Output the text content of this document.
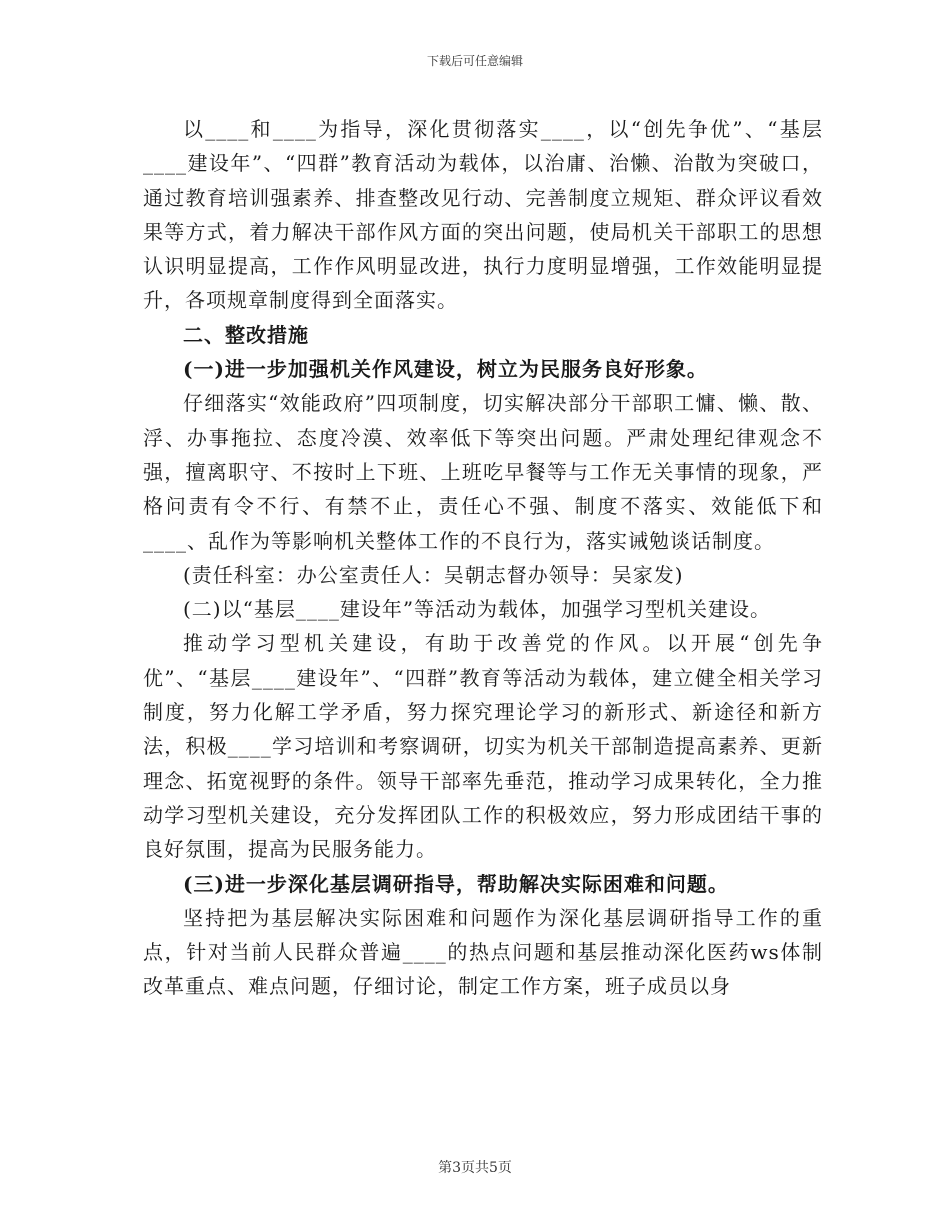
下载后可任意编辑

以____和____为指导，深化贯彻落实____，以“创先争优”、“基层____建设年”、“四群”教育活动为载体，以治庸、治懒、治散为突破口，通过教育培训强素养、排查整改见行动、完善制度立规矩、群众评议看效果等方式，着力解决干部作风方面的突出问题，使局机关干部职工的思想认识明显提高，工作作风明显改进，执行力度明显增强，工作效能明显提升，各项规章制度得到全面落实。

二、整改措施

(一)进一步加强机关作风建设，树立为民服务良好形象。

仔细落实“效能政府”四项制度，切实解决部分干部职工慵、懒、散、浮、办事拖拉、态度冷漠、效率低下等突出问题。严肃处理纪律观念不强，擅离职守、不按时上下班、上班吃早餐等与工作无关事情的现象，严格问责有令不行、有禁不止，责任心不强、制度不落实、效能低下和____、乱作为等影响机关整体工作的不良行为，落实诫勉谈话制度。

(责任科室：办公室责任人：吴朝志督办领导：吴家发)

(二)以“基层____建设年”等活动为载体，加强学习型机关建设。

推动学习型机关建设，有助于改善党的作风。以开展“创先争优”、“基层____建设年”、“四群”教育等活动为载体，建立健全相关学习制度，努力化解工学矛盾，努力探究理论学习的新形式、新途径和新方法，积极____学习培训和考察调研，切实为机关干部制造提高素养、更新理念、拓宽视野的条件。领导干部率先垂范，推动学习成果转化，全力推动学习型机关建设，充分发挥团队工作的积极效应，努力形成团结干事的良好氛围，提高为民服务能力。

(三)进一步深化基层调研指导，帮助解决实际困难和问题。

坚持把为基层解决实际困难和问题作为深化基层调研指导工作的重点，针对当前人民群众普遍____的热点问题和基层推动深化医药ws体制改革重点、难点问题，仔细讨论，制定工作方案，班子成员以身

第3页共5页
